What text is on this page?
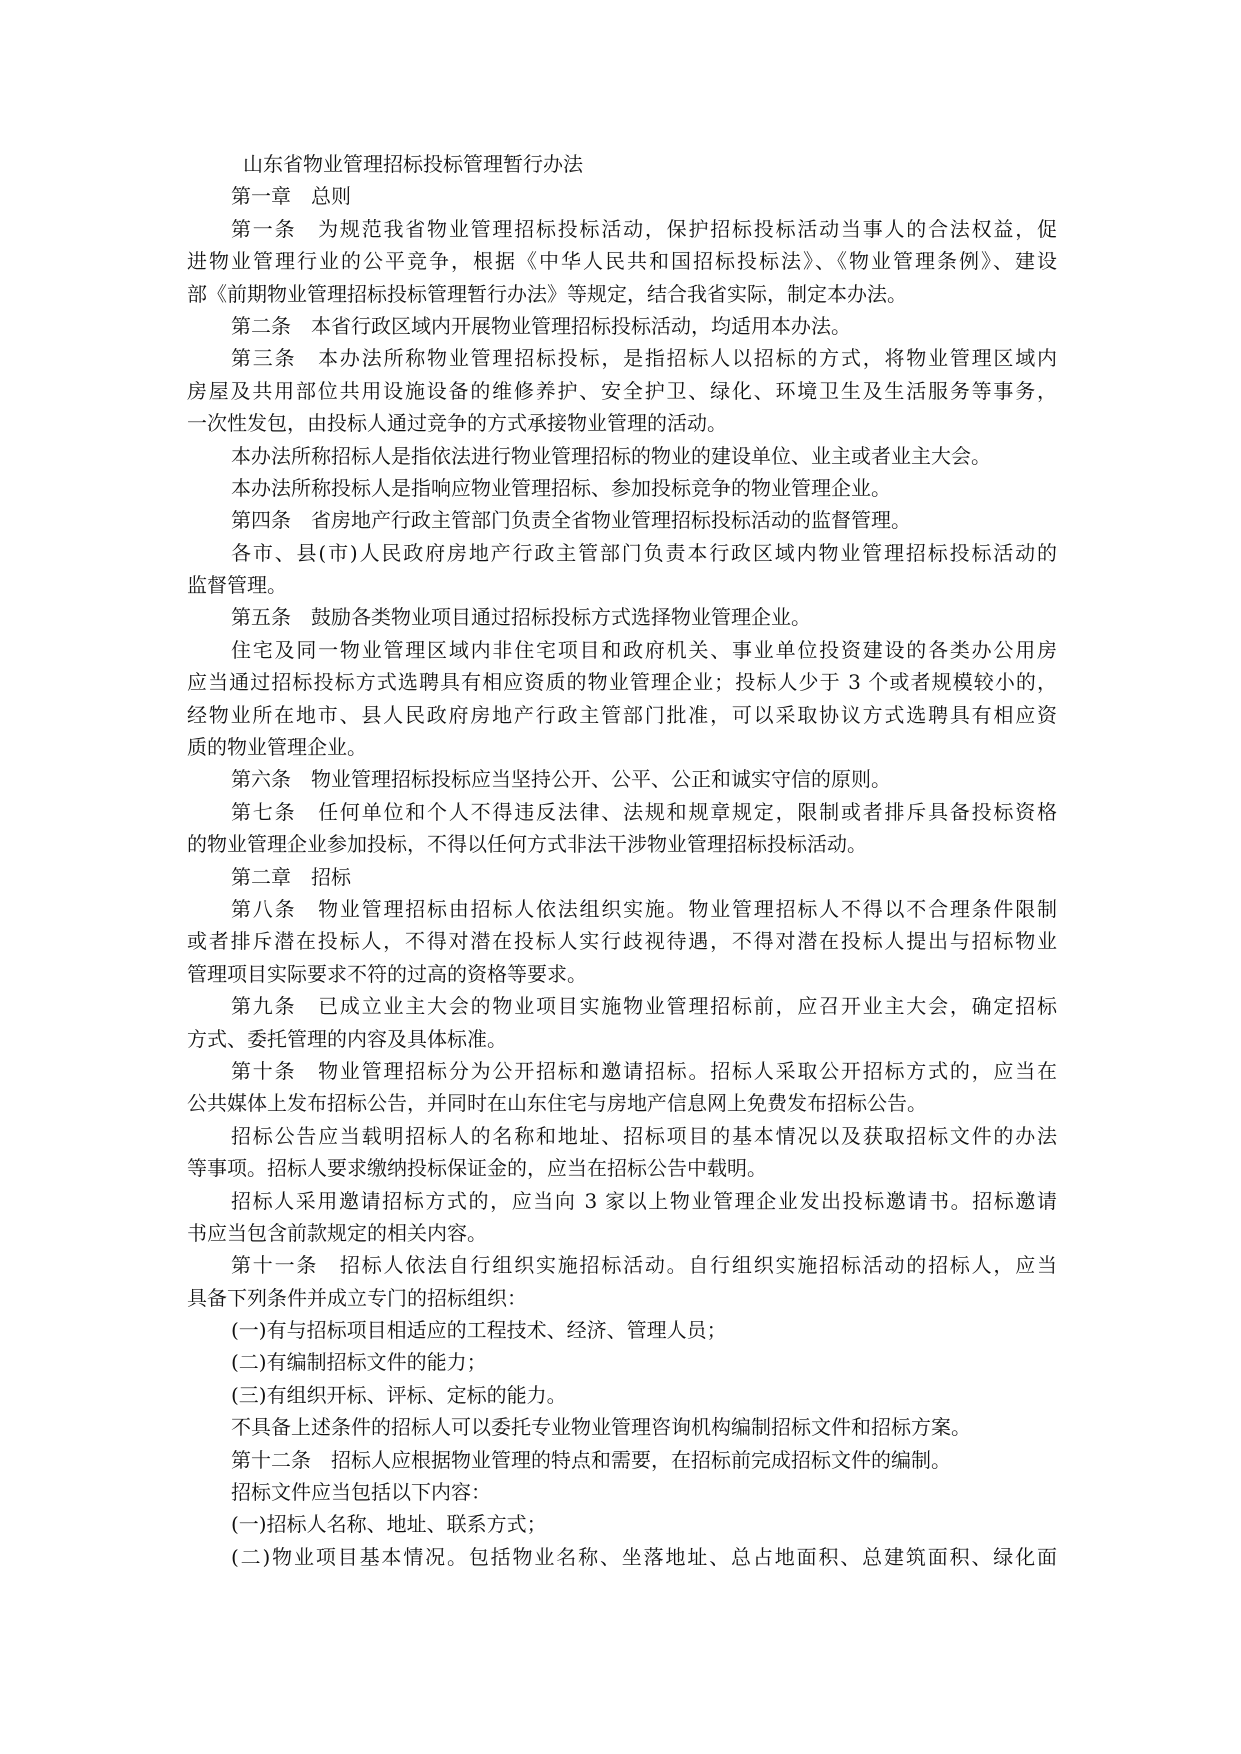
山东省物业管理招标投标管理暂行办法
第一章　总则
第一条　为规范我省物业管理招标投标活动，保护招标投标活动当事人的合法权益，促
进物业管理行业的公平竞争，根据《中华人民共和国招标投标法》、《物业管理条例》、建设
部《前期物业管理招标投标管理暂行办法》等规定，结合我省实际，制定本办法。
第二条　本省行政区域内开展物业管理招标投标活动，均适用本办法。
第三条　本办法所称物业管理招标投标，是指招标人以招标的方式，将物业管理区域内
房屋及共用部位共用设施设备的维修养护、安全护卫、绿化、环境卫生及生活服务等事务，
一次性发包，由投标人通过竞争的方式承接物业管理的活动。
本办法所称招标人是指依法进行物业管理招标的物业的建设单位、业主或者业主大会。
本办法所称投标人是指响应物业管理招标、参加投标竞争的物业管理企业。
第四条　省房地产行政主管部门负责全省物业管理招标投标活动的监督管理。
各市、县(市)人民政府房地产行政主管部门负责本行政区域内物业管理招标投标活动的
监督管理。
第五条　鼓励各类物业项目通过招标投标方式选择物业管理企业。
住宅及同一物业管理区域内非住宅项目和政府机关、事业单位投资建设的各类办公用房
应当通过招标投标方式选聘具有相应资质的物业管理企业；投标人少于 3 个或者规模较小的，
经物业所在地市、县人民政府房地产行政主管部门批准，可以采取协议方式选聘具有相应资
质的物业管理企业。
第六条　物业管理招标投标应当坚持公开、公平、公正和诚实守信的原则。
第七条　任何单位和个人不得违反法律、法规和规章规定，限制或者排斥具备投标资格
的物业管理企业参加投标，不得以任何方式非法干涉物业管理招标投标活动。
第二章　招标
第八条　物业管理招标由招标人依法组织实施。物业管理招标人不得以不合理条件限制
或者排斥潜在投标人，不得对潜在投标人实行歧视待遇，不得对潜在投标人提出与招标物业
管理项目实际要求不符的过高的资格等要求。
第九条　已成立业主大会的物业项目实施物业管理招标前，应召开业主大会，确定招标
方式、委托管理的内容及具体标准。
第十条　物业管理招标分为公开招标和邀请招标。招标人采取公开招标方式的，应当在
公共媒体上发布招标公告，并同时在山东住宅与房地产信息网上免费发布招标公告。
招标公告应当载明招标人的名称和地址、招标项目的基本情况以及获取招标文件的办法
等事项。招标人要求缴纳投标保证金的，应当在招标公告中载明。
招标人采用邀请招标方式的，应当向 3 家以上物业管理企业发出投标邀请书。招标邀请
书应当包含前款规定的相关内容。
第十一条　招标人依法自行组织实施招标活动。自行组织实施招标活动的招标人，应当
具备下列条件并成立专门的招标组织：
(一)有与招标项目相适应的工程技术、经济、管理人员；
(二)有编制招标文件的能力；
(三)有组织开标、评标、定标的能力。
不具备上述条件的招标人可以委托专业物业管理咨询机构编制招标文件和招标方案。
第十二条　招标人应根据物业管理的特点和需要，在招标前完成招标文件的编制。
招标文件应当包括以下内容：
(一)招标人名称、地址、联系方式；
(二)物业项目基本情况。包括物业名称、坐落地址、总占地面积、总建筑面积、绿化面
